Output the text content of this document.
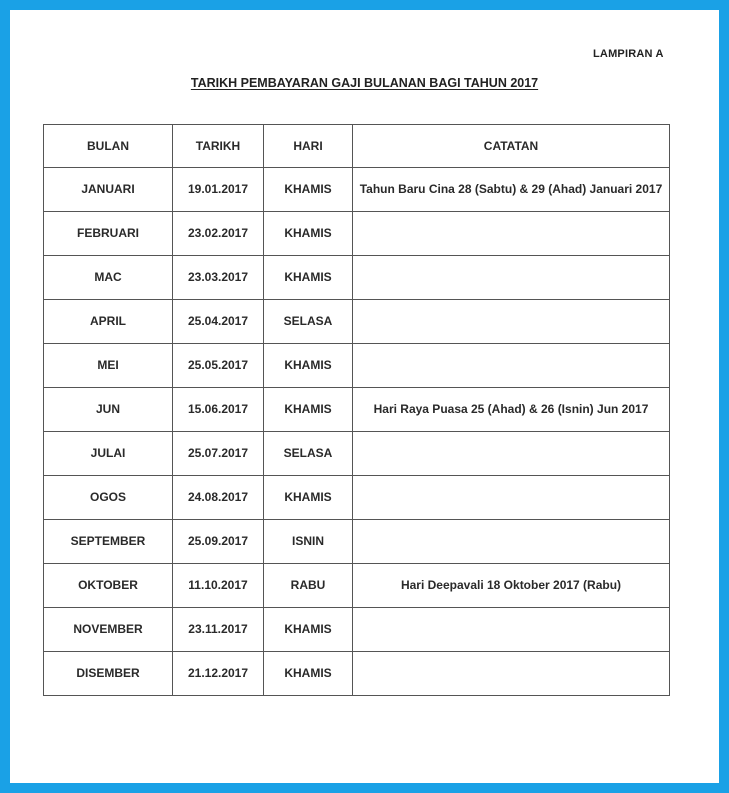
LAMPIRAN A
TARIKH PEMBAYARAN GAJI BULANAN BAGI TAHUN 2017
BULAN	TARIKH	HARI	CATATAN
JANUARI	19.01.2017	KHAMIS	Tahun Baru Cina 28 (Sabtu) & 29 (Ahad) Januari 2017
FEBRUARI	23.02.2017	KHAMIS	
MAC	23.03.2017	KHAMIS	
APRIL	25.04.2017	SELASA	
MEI	25.05.2017	KHAMIS	
JUN	15.06.2017	KHAMIS	Hari Raya Puasa 25 (Ahad) & 26 (Isnin) Jun 2017
JULAI	25.07.2017	SELASA	
OGOS	24.08.2017	KHAMIS	
SEPTEMBER	25.09.2017	ISNIN	
OKTOBER	11.10.2017	RABU	Hari Deepavali 18 Oktober 2017 (Rabu)
NOVEMBER	23.11.2017	KHAMIS	
DISEMBER	21.12.2017	KHAMIS	
